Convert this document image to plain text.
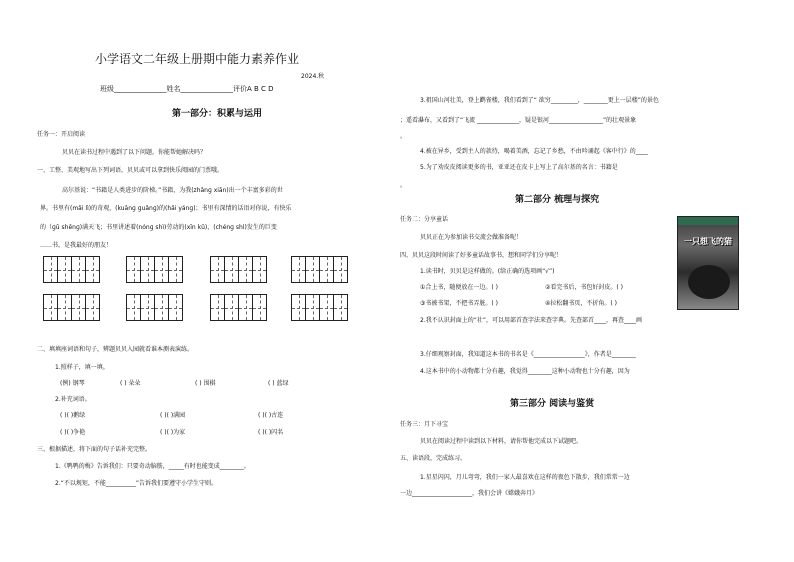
小学语文二年级上册期中能力素养作业
2024.秋
班级_______________姓名_______________评价A B C D
第一部分：积累与运用
任务一：开启阅读
贝贝在读书过程中遇到了以下问题，你能帮她解决吗？
一、工整、美观地写出下列词语，贝贝或可以拿到快乐阅园的门票哦。
高尔基说：“书籍是人类进步的阶梯。”书籍，为我(zhǎnɡ xiān)出一个丰富多彩的世
界。书里有(mǎi lì)的奇观，(kuānɡ ɡuǎnɡ)的(hǎi yánɡ)；书里有深情的话语对你说，有快乐
的（ɡū shēnɡ)满天飞；书里讲述着(nónɡ shì)劳动的(xīn kǔ)，(chénɡ shì)发生的巨变
……书，是我最好的朋友！
二、填填座词语和句子，辨题贝贝入园就看谁本测表演练。
1.照样子，填一填。
(例) 钢琴	( ) 朵朵	( ) 围棋	( ) 蓝绿
2.补充词语。
( )( )鹅绿	( )( )满园	( )( )古连
( )( )争艳	( )( )为家	( )( )闪名
三、根据描述，将下面的句子话补充完整。
1.《鸭鸭的梅》告诉我们：只要奇动脑筋，_____有时也能变成________。
2.“不以规矩，不能__________”告诉我们要遵守小学生守则。
3.祖国山河壮美，登上鹳雀楼，我们看到了“ 欲穷_________，________更上一层楼”的景色
；遥看瀑布，又看到了“飞流 ______________，疑是银河__________________”的壮观景象
。
4.被在异乡，受到主人的款待，喝着美酒，忘记了乡愁，不由吟诵起《客中行》的____
5.为了劝皮皮阅读更多的书，亚亚还在皮卡上写上了高尔基的名言：书籍是
。
第二部分 梳理与探究
任务二：分享童话
贝贝正在为参加读书交流会做准备呢！
四、贝贝这段时间读了好多童话故事书，想和同学们分享呢！
1.读书时，贝贝是这样做的。(给正确的选项画“√”)
①合上书，随便放在一边。( )	②看完书后，书包好封皮。( )
③书被书架，不把书弄脏。( )	④拉松翻书页，不折角。( )
2.我不认识封面上的“社”，可以用部首查字法来查字典。先查部首____，再查____画
3.仔细观察封面，我知道这本书的书名是《_________________》，作者是________
4.这本书中的小动物都十分有趣，我觉得________这种小动物也十分有趣，因为
一只想飞的猫
第三部分 阅读与鉴赏
任务三：月下寻宝
贝贝在阅读过程中读到以下材料，请你帮他完成以下试题吧。
五、读语段，完成练习。
1.星星闪闪，月儿弯弯，我们一家人最喜欢在这样的夜色下散步，我们常常一边
一边____________________，我们会讲《嫦娥奔月》
